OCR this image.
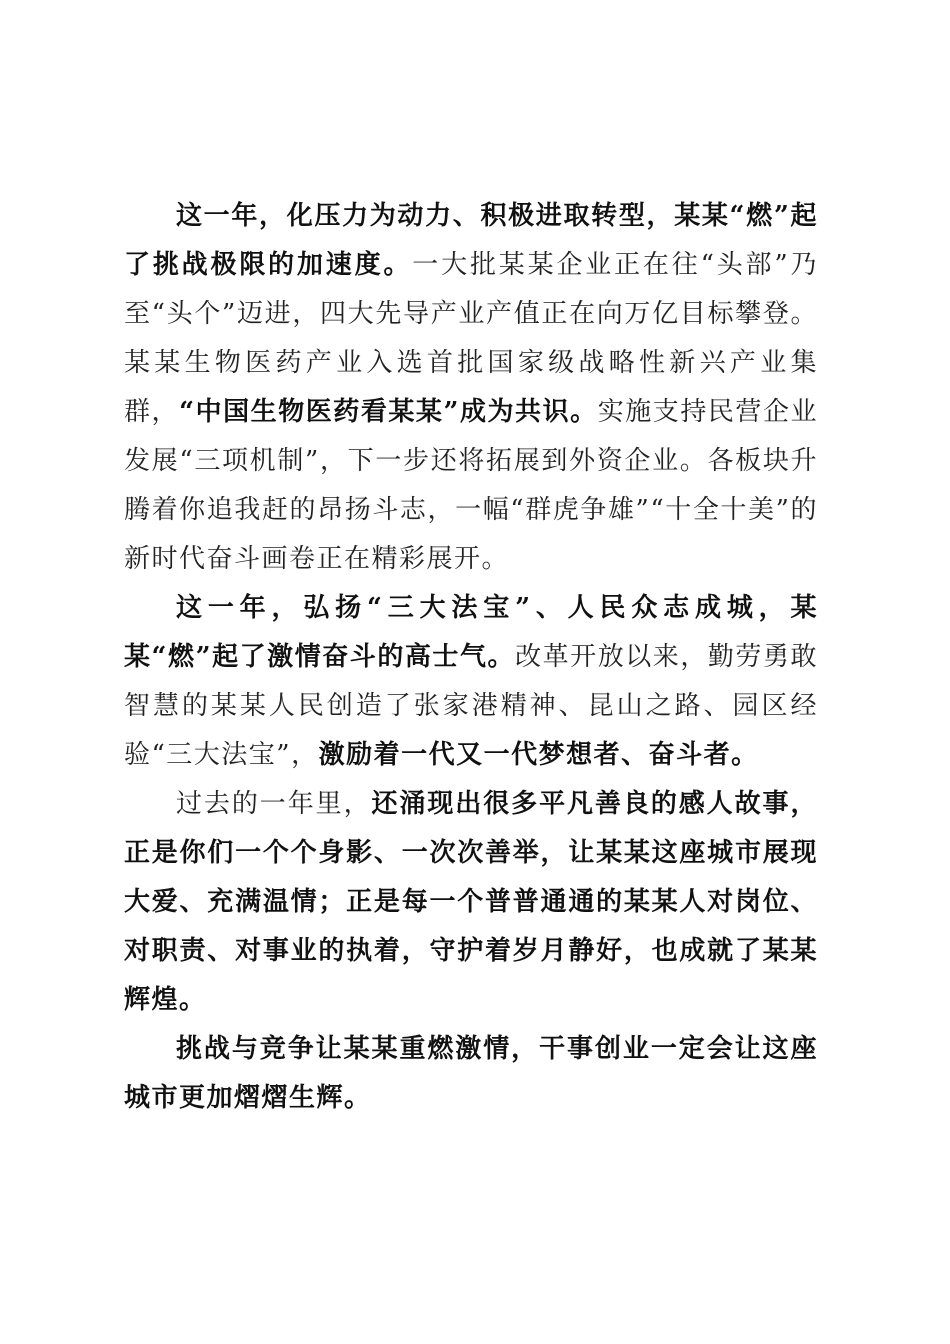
这一年，化压力为动力、积极进取转型，某某“燃”起了挑战极限的加速度。一大批某某企业正在往“头部”乃至“头个”迈进，四大先导产业产值正在向万亿目标攀登。某某生物医药产业入选首批国家级战略性新兴产业集群，“中国生物医药看某某”成为共识。实施支持民营企业发展“三项机制”，下一步还将拓展到外资企业。各板块升腾着你追我赶的昂扬斗志，一幅“群虎争雄”“十全十美”的新时代奋斗画卷正在精彩展开。

这一年，弘扬“三大法宝”、人民众志成城，某某“燃”起了激情奋斗的高士气。改革开放以来，勤劳勇敢智慧的某某人民创造了张家港精神、昆山之路、园区经验“三大法宝”，激励着一代又一代梦想者、奋斗者。

过去的一年里，还涌现出很多平凡善良的感人故事，正是你们一个个身影、一次次善举，让某某这座城市展现大爱、充满温情；正是每一个普普通通的某某人对岗位、对职责、对事业的执着，守护着岁月静好，也成就了某某辉煌。

挑战与竞争让某某重燃激情，干事创业一定会让这座城市更加熠熠生辉。
